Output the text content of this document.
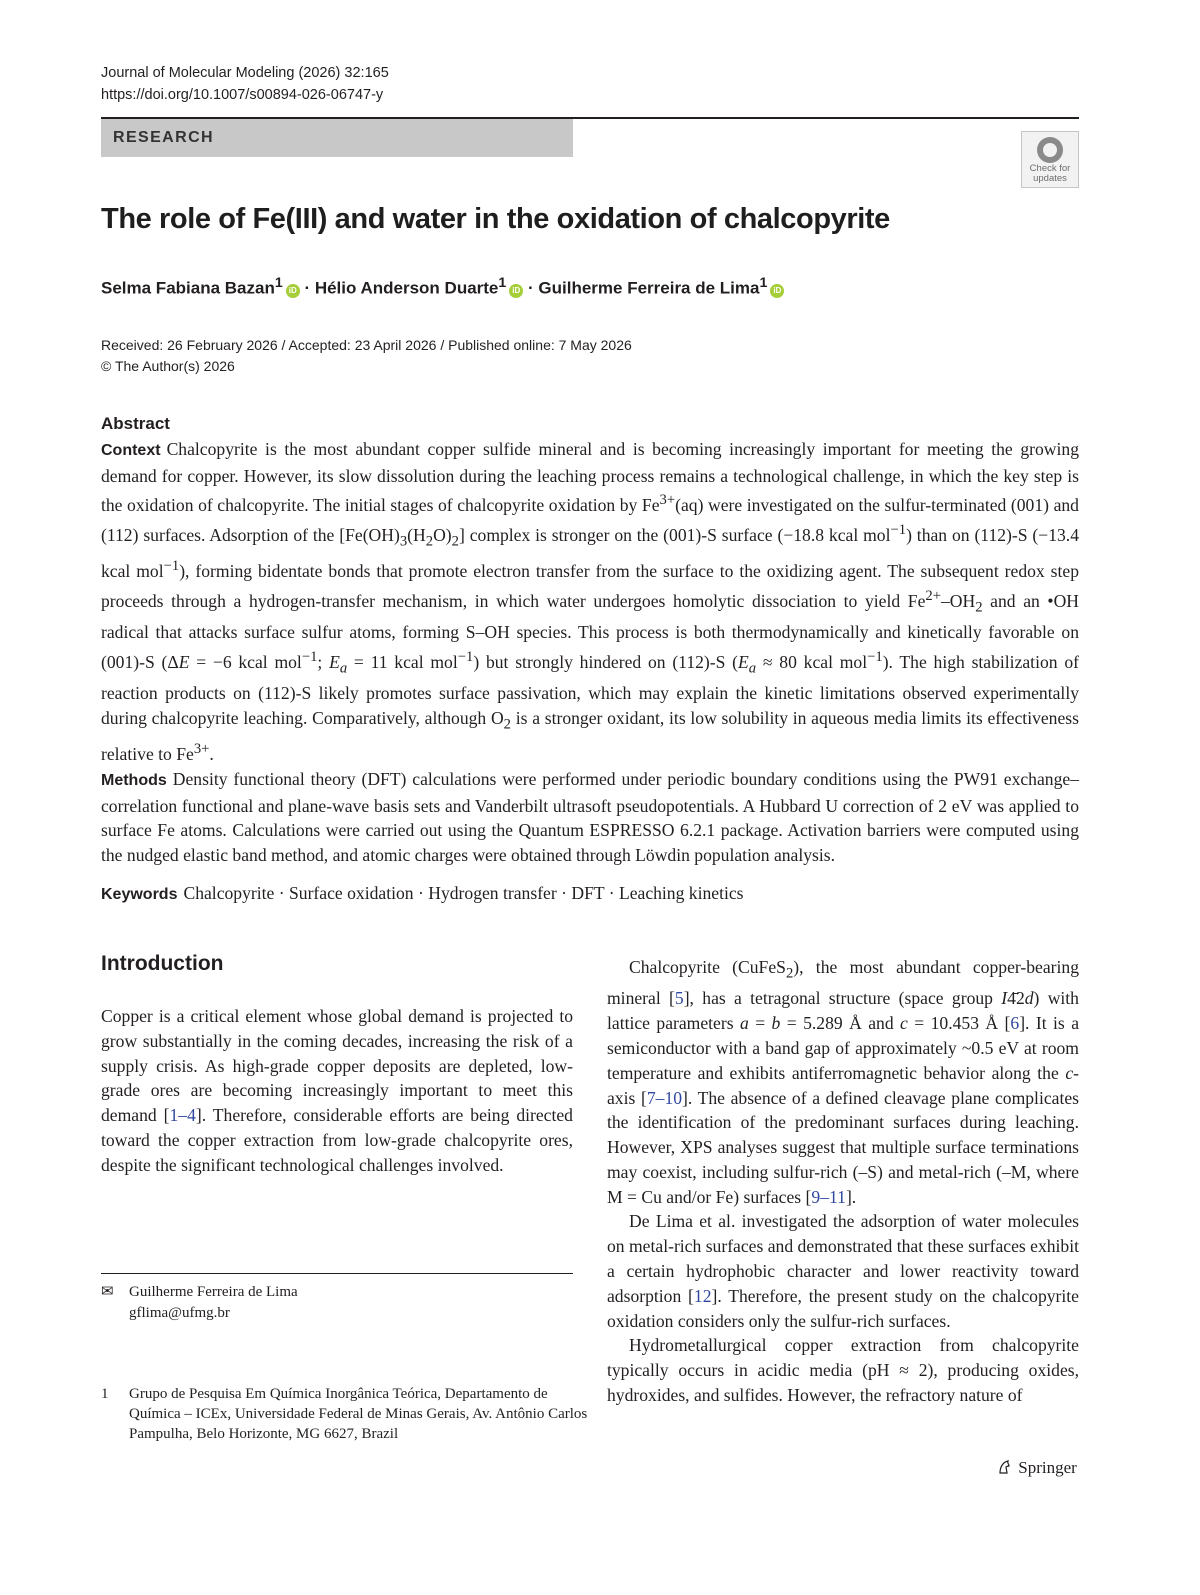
Journal of Molecular Modeling (2026) 32:165
https://doi.org/10.1007/s00894-026-06747-y
RESEARCH
Check for
updates
The role of Fe(III) and water in the oxidation of chalcopyrite
Selma Fabiana Bazan$^1$ iD · Hélio Anderson Duarte$^1$ iD · Guilherme Ferreira de Lima$^1$ iD
Received: 26 February 2026 / Accepted: 23 April 2026 / Published online: 7 May 2026
© The Author(s) 2026
Abstract

Context Chalcopyrite is the most abundant copper sulfide mineral and is becoming increasingly important for meeting the growing demand for copper. However, its slow dissolution during the leaching process remains a technological challenge, in which the key step is the oxidation of chalcopyrite. The initial stages of chalcopyrite oxidation by $Fe^{3+}(aq)$ were investigated on the sulfur-terminated (001) and (112) surfaces. Adsorption of the $[Fe(OH)_3(H_2O)_2]$ complex is stronger on the (001)-S surface (−18.8 kcal mol$^{-1}$) than on (112)-S (−13.4 kcal mol$^{-1}$), forming bidentate bonds that promote electron transfer from the surface to the oxidizing agent. The subsequent redox step proceeds through a hydrogen-transfer mechanism, in which water undergoes homolytic dissociation to yield $Fe^{2+}-OH_2$ and an •OH radical that attacks surface sulfur atoms, forming S–OH species. This process is both thermodynamically and kinetically favorable on (001)-S (ΔE = −6 kcal mol$^{-1}$; $E_a = 11$ kcal mol$^{-1}$) but strongly hindered on (112)-S ($E_a \approx 80$ kcal mol$^{-1}$). The high stabilization of reaction products on (112)-S likely promotes surface passivation, which may explain the kinetic limitations observed experimentally during chalcopyrite leaching. Comparatively, although $O_2$ is a stronger oxidant, its low solubility in aqueous media limits its effectiveness relative to $Fe^{3+}$.

Methods Density functional theory (DFT) calculations were performed under periodic boundary conditions using the PW91 exchange–correlation functional and plane-wave basis sets and Vanderbilt ultrasoft pseudopotentials. A Hubbard U correction of 2 eV was applied to surface Fe atoms. Calculations were carried out using the Quantum ESPRESSO 6.2.1 package. Activation barriers were computed using the nudged elastic band method, and atomic charges were obtained through Löwdin population analysis.

Keywords Chalcopyrite · Surface oxidation · Hydrogen transfer · DFT · Leaching kinetics
Introduction

Copper is a critical element whose global demand is projected to grow substantially in the coming decades, increasing the risk of a supply crisis. As high-grade copper deposits are depleted, low-grade ores are becoming increasingly important to meet this demand [1–4]. Therefore, considerable efforts are being directed toward the copper extraction from low-grade chalcopyrite ores, despite the significant technological challenges involved.

Chalcopyrite (CuFeS$_2$), the most abundant copper-bearing mineral [5], has a tetragonal structure (space group I4̄2d) with lattice parameters a = b = 5.289 Å and c = 10.453 Å [6]. It is a semiconductor with a band gap of approximately ~0.5 eV at room temperature and exhibits antiferromagnetic behavior along the c-axis [7–10]. The absence of a defined cleavage plane complicates the identification of the predominant surfaces during leaching. However, XPS analyses suggest that multiple surface terminations may coexist, including sulfur-rich (–S) and metal-rich (–M, where M = Cu and/or Fe) surfaces [9–11].

De Lima et al. investigated the adsorption of water molecules on metal-rich surfaces and demonstrated that these surfaces exhibit a certain hydrophobic character and lower reactivity toward adsorption [12]. Therefore, the present study on the chalcopyrite oxidation considers only the sulfur-rich surfaces.

Hydrometallurgical copper extraction from chalcopyrite typically occurs in acidic media (pH ≈ 2), producing oxides, hydroxides, and sulfides. However, the refractory nature of

✉ Guilherme Ferreira de Lima
gflima@ufmg.br
1 Grupo de Pesquisa Em Química Inorgânica Teórica, Departamento de Química – ICEx, Universidade Federal de Minas Gerais, Av. Antônio Carlos Pampulha, Belo Horizonte, MG 6627, Brazil
Springer
